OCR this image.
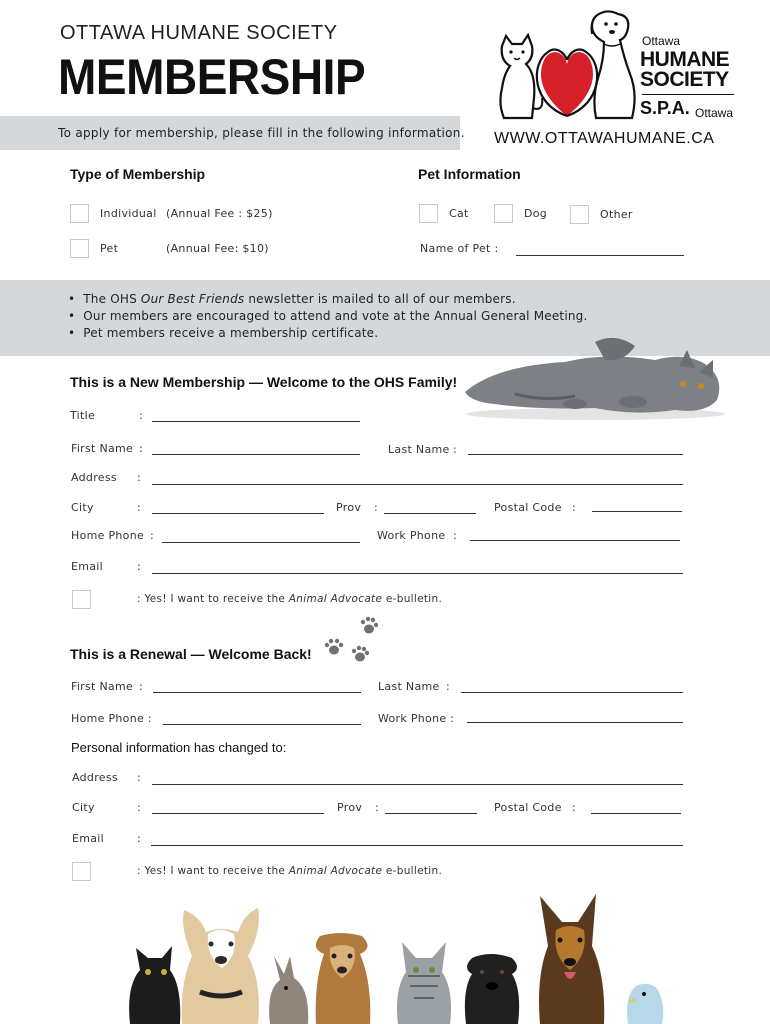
OTTAWA HUMANE SOCIETY
MEMBERSHIP
To apply for membership, please fill in the following information. WWW.OTTAWAHUMANE.CA
Ottawa
HUMANE
SOCIETY
S.P.A. Ottawa
Type of Membership
Individual (Annual Fee : $25)
Pet	(Annual Fee: $10)
Pet Information
Cat	Dog	Other
Name of Pet :
• The OHS Our Best Friends newsletter is mailed to all of our members.
• Our members are encouraged to attend and vote at the Annual General Meeting.
• Pet members receive a membership certificate.
This is a New Membership — Welcome to the OHS Family!
Title	:
First Name :	Last Name :
Address :
City	:	Prov :	Postal Code :
Home Phone :	Work Phone :
Email	:
: Yes! I want to receive the Animal Advocate e-bulletin.
This is a Renewal — Welcome Back!
First Name :	Last Name :
Home Phone :	Work Phone :
Personal information has changed to:
Address :
City	:	Prov :	Postal Code :
Email	:
: Yes! I want to receive the Animal Advocate e-bulletin.
